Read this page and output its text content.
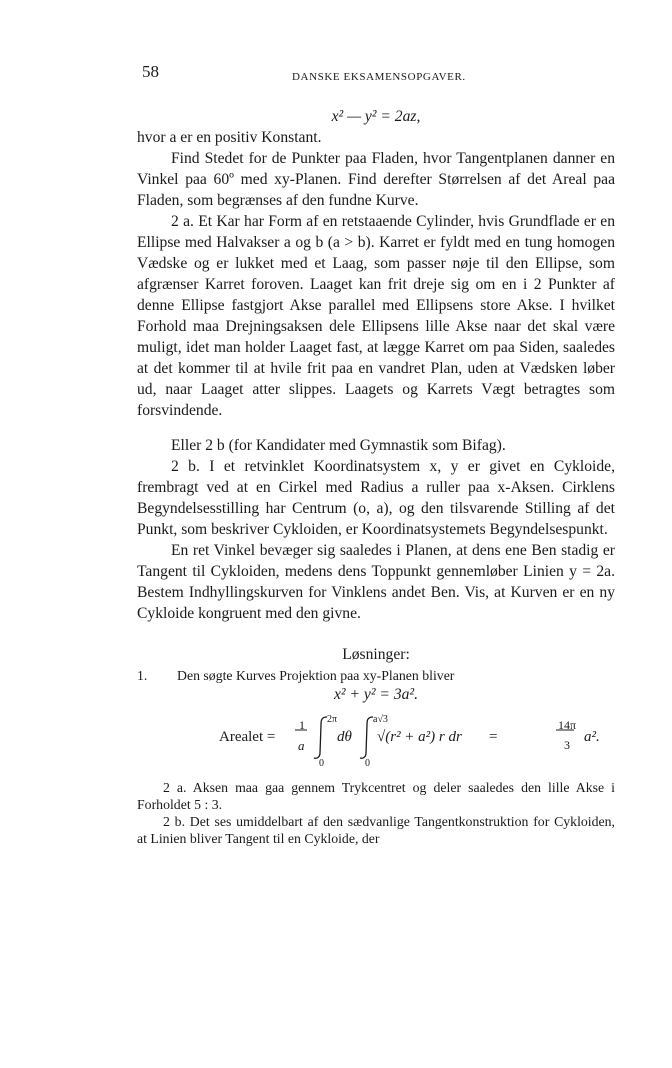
58	DANSKE EKSAMENSOPGAVER.

x² — y² = 2az,

hvor a er en positiv Konstant.

Find Stedet for de Punkter paa Fladen, hvor Tangentplanen danner en Vinkel paa 60º med xy-Planen. Find derefter Størrelsen af det Areal paa Fladen, som begrænses af den fundne Kurve.

2 a. Et Kar har Form af en retstaaende Cylinder, hvis Grundflade er en Ellipse med Halvakser a og b (a > b). Karret er fyldt med en tung homogen Vædske og er lukket med et Laag, som passer nøje til den Ellipse, som afgrænser Karret foroven. Laaget kan frit dreje sig om en i 2 Punkter af denne Ellipse fastgjort Akse parallel med Ellipsens store Akse. I hvilket Forhold maa Drejningsaksen dele Ellipsens lille Akse naar det skal være muligt, idet man holder Laaget fast, at lægge Karret om paa Siden, saaledes at det kommer til at hvile frit paa en vandret Plan, uden at Vædsken løber ud, naar Laaget atter slippes. Laagets og Karrets Vægt betragtes som forsvindende.

Eller 2 b (for Kandidater med Gymnastik som Bifag).

2 b. I et retvinklet Koordinatsystem x, y er givet en Cykloide, frembragt ved at en Cirkel med Radius a ruller paa x-Aksen. Cirklens Begyndelsesstilling har Centrum (o, a), og den tilsvarende Stilling af det Punkt, som beskriver Cykloiden, er Koordinatsystemets Begyndelsespunkt.

En ret Vinkel bevæger sig saaledes i Planen, at dens ene Ben stadig er Tangent til Cykloiden, medens dens Toppunkt gennemløber Linien y = 2a. Bestem Indhyllingskurven for Vinklens andet Ben. Vis, at Kurven er en ny Cykloide kongruent med den givne.

Løsninger:

1. Den søgte Kurves Projektion paa xy-Planen bliver

x² + y² = 3a².

Arealet =
1
a
2π
0
dθ
a√3
0
√(r² + a²) r dr =
14π
3 a².

2 a. Aksen maa gaa gennem Trykcentret og deler saaledes den lille Akse i Forholdet 5 : 3.

2 b. Det ses umiddelbart af den sædvanlige Tangentkonstruktion for Cykloiden, at Linien bliver Tangent til en Cykloide, der
